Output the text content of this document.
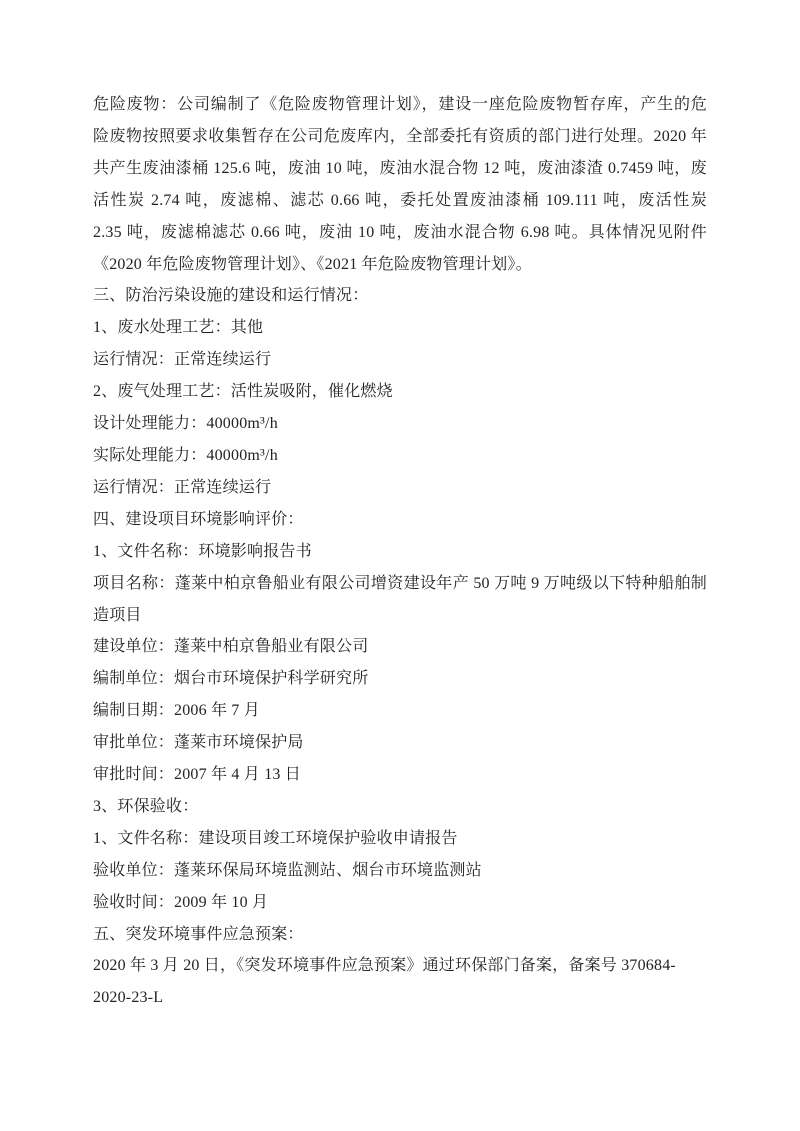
危险废物：公司编制了《危险废物管理计划》，建设一座危险废物暂存库，产生的危
险废物按照要求收集暂存在公司危废库内，全部委托有资质的部门进行处理。2020 年
共产生废油漆桶 125.6 吨，废油 10 吨，废油水混合物 12 吨，废油漆渣 0.7459 吨，废
活性炭 2.74 吨，废滤棉、滤芯 0.66 吨，委托处置废油漆桶 109.111 吨，废活性炭
2.35 吨，废滤棉滤芯 0.66 吨，废油 10 吨，废油水混合物 6.98 吨。具体情况见附件
《2020 年危险废物管理计划》、《2021 年危险废物管理计划》。
三、防治污染设施的建设和运行情况：
1、废水处理工艺：其他
运行情况：正常连续运行
2、废气处理工艺：活性炭吸附，催化燃烧
设计处理能力：40000m³/h
实际处理能力：40000m³/h
运行情况：正常连续运行
四、建设项目环境影响评价：
1、文件名称：环境影响报告书
项目名称：蓬莱中柏京鲁船业有限公司增资建设年产 50 万吨 9 万吨级以下特种船舶制
造项目
建设单位：蓬莱中柏京鲁船业有限公司
编制单位：烟台市环境保护科学研究所
编制日期：2006 年 7 月
审批单位：蓬莱市环境保护局
审批时间：2007 年 4 月 13 日
3、环保验收：
1、文件名称：建设项目竣工环境保护验收申请报告
验收单位：蓬莱环保局环境监测站、烟台市环境监测站
验收时间：2009 年 10 月
五、突发环境事件应急预案：
2020 年 3 月 20 日，《突发环境事件应急预案》通过环保部门备案，备案号 370684-
2020-23-L
